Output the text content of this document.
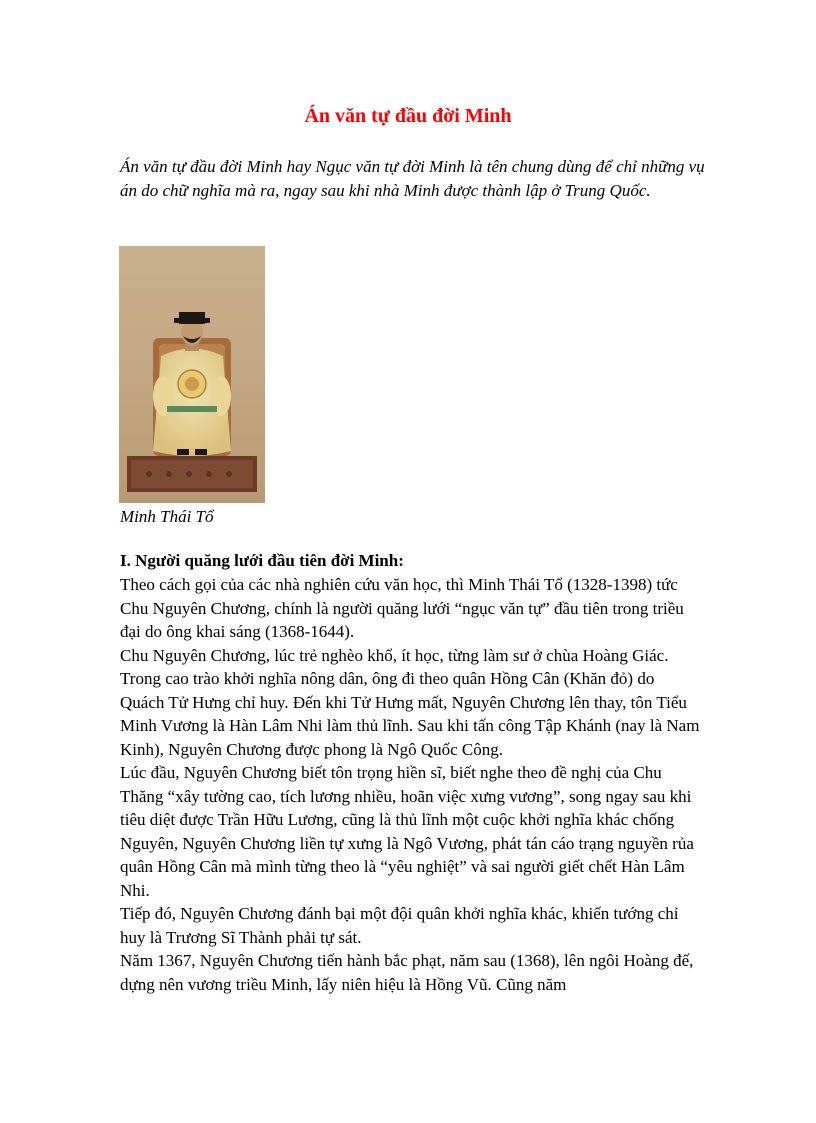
Án văn tự đầu đời Minh
Án văn tự đầu đời Minh hay Ngục văn tự đời Minh là tên chung dùng để chỉ những vụ án do chữ nghĩa mà ra, ngay sau khi nhà Minh được thành lập ở Trung Quốc.
Minh Thái Tổ
I. Người quăng lưới đầu tiên đời Minh:

Theo cách gọi của các nhà nghiên cứu văn học, thì Minh Thái Tổ (1328-1398) tức Chu Nguyên Chương, chính là người quăng lưới “ngục văn tự” đầu tiên trong triều đại do ông khai sáng (1368-1644).

Chu Nguyên Chương, lúc trẻ nghèo khổ, ít học, từng làm sư ở chùa Hoàng Giác. Trong cao trào khởi nghĩa nông dân, ông đi theo quân Hồng Cân (Khăn đỏ) do Quách Tử Hưng chỉ huy. Đến khi Tử Hưng mất, Nguyên Chương lên thay, tôn Tiểu Minh Vương là Hàn Lâm Nhi làm thủ lĩnh. Sau khi tấn công Tập Khánh (nay là Nam Kinh), Nguyên Chương được phong là Ngô Quốc Công.

Lúc đầu, Nguyên Chương biết tôn trọng hiền sĩ, biết nghe theo đề nghị của Chu Thăng “xây tường cao, tích lương nhiều, hoãn việc xưng vương”, song ngay sau khi tiêu diệt được Trần Hữu Lương, cũng là thủ lĩnh một cuộc khởi nghĩa khác chống Nguyên, Nguyên Chương liền tự xưng là Ngô Vương, phát tán cáo trạng nguyền rủa quân Hồng Cân mà mình từng theo là “yêu nghiệt” và sai người giết chết Hàn Lâm Nhi.

Tiếp đó, Nguyên Chương đánh bại một đội quân khởi nghĩa khác, khiến tướng chỉ huy là Trương Sĩ Thành phải tự sát.

Năm 1367, Nguyên Chương tiến hành bắc phạt, năm sau (1368), lên ngôi Hoàng đế, dựng nên vương triều Minh, lấy niên hiệu là Hồng Vũ. Cũng năm
